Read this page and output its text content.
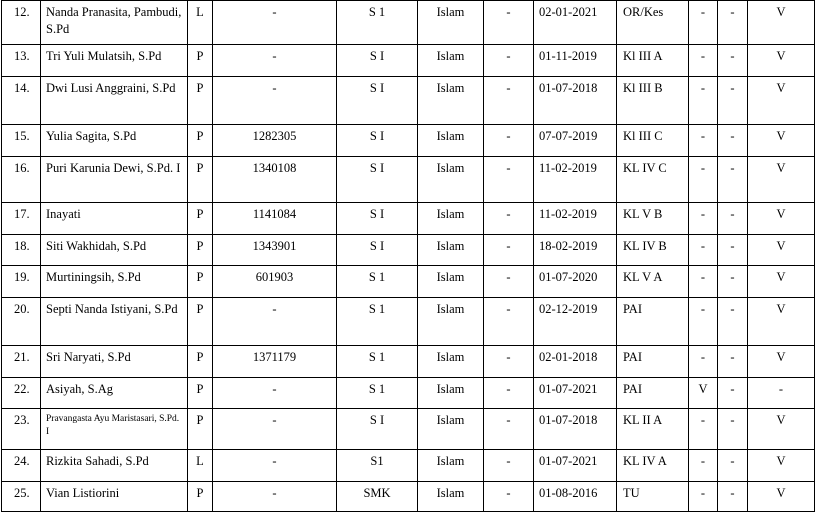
12.	Nanda Pranasita, Pambudi, S.Pd	L	-	S 1	Islam	-	02-01-2021	OR/Kes	-	-	V
13.	Tri Yuli Mulatsih, S.Pd	P	-	S I	Islam	-	01-11-2019	Kl III A	-	-	V
14.	Dwi Lusi Anggraini, S.Pd	P	-	S I	Islam	-	01-07-2018	Kl III B	-	-	V
15.	Yulia Sagita, S.Pd	P	1282305	S I	Islam	-	07-07-2019	Kl III C	-	-	V
16.	Puri Karunia Dewi, S.Pd. I	P	1340108	S I	Islam	-	11-02-2019	KL IV C	-	-	V
17.	Inayati	P	1141084	S I	Islam	-	11-02-2019	KL V B	-	-	V
18.	Siti Wakhidah, S.Pd	P	1343901	S I	Islam	-	18-02-2019	KL IV B	-	-	V
19.	Murtiningsih, S.Pd	P	601903	S 1	Islam	-	01-07-2020	KL V A	-	-	V
20.	Septi Nanda Istiyani, S.Pd	P	-	S 1	Islam	-	02-12-2019	PAI	-	-	V
21.	Sri Naryati, S.Pd	P	1371179	S 1	Islam	-	02-01-2018	PAI	-	-	V
22.	Asiyah, S.Ag	P	-	S 1	Islam	-	01-07-2021	PAI	V	-	-
23.	Pravangasta Ayu Maristasari, S.Pd. I	P	-	S I	Islam	-	01-07-2018	KL II A	-	-	V
24.	Rizkita Sahadi, S.Pd	L	-	S1	Islam	-	01-07-2021	KL IV A	-	-	V
25.	Vian Listiorini	P	-	SMK	Islam	-	01-08-2016	TU	-	-	V
